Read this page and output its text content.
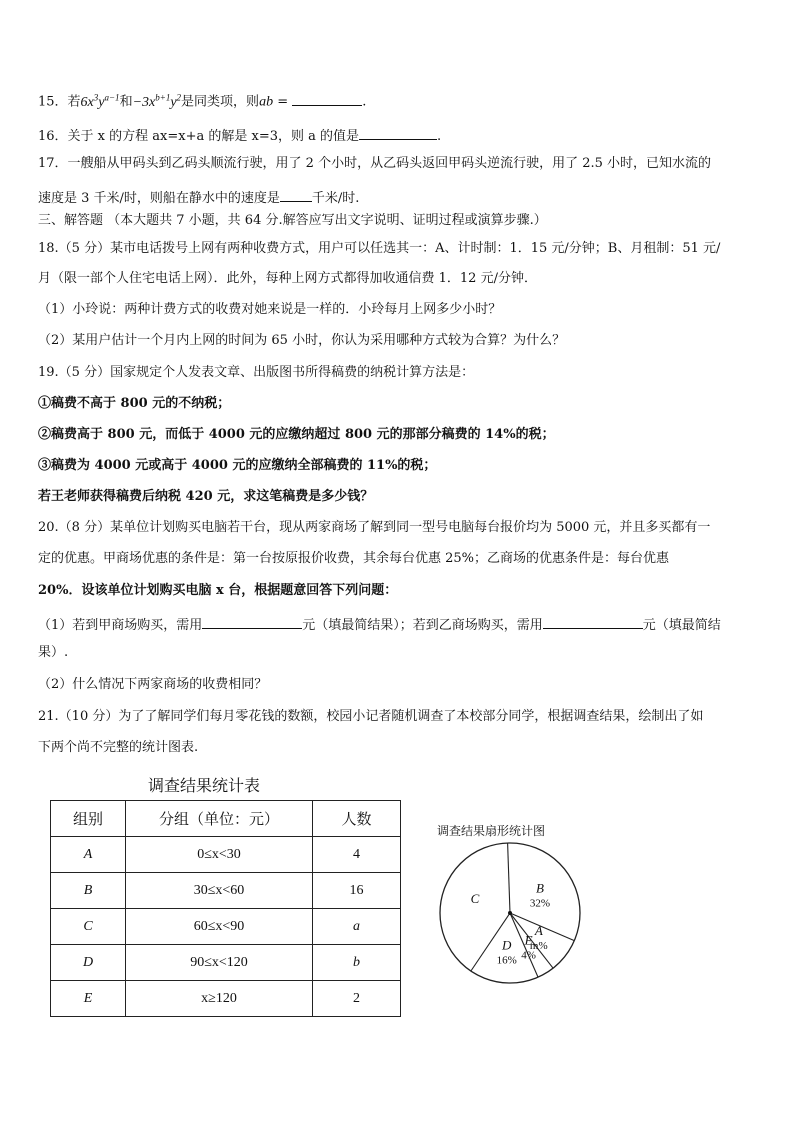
15．若$6x^3y^{a-1}$和$-3x^{b+1}y^2$是同类项，则ab =	.
16．关于 x 的方程 ax=x+a 的解是 x=3，则 a 的值是	.
17．一艘船从甲码头到乙码头顺流行驶，用了 2 个小时，从乙码头返回甲码头逆流行驶，用了 2.5 小时，已知水流的
速度是 3 千米/时，则船在静水中的速度是 千米/时.
三、解答题 （本大题共 7 小题，共 64 分.解答应写出文字说明、证明过程或演算步骤.）
18.（5 分）某市电话拨号上网有两种收费方式，用户可以任选其一：A、计时制：1．15 元/分钟；B、月租制：51 元/
月（限一部个人住宅电话上网）．此外，每种上网方式都得加收通信费 1．12 元/分钟．
（1）小玲说：两种计费方式的收费对她来说是一样的．小玲每月上网多少小时？
（2）某用户估计一个月内上网的时间为 65 小时，你认为采用哪种方式较为合算？为什么？
19.（5 分）国家规定个人发表文章、出版图书所得稿费的纳税计算方法是：
①稿费不高于 800 元的不纳税；
②稿费高于 800 元，而低于 4000 元的应缴纳超过 800 元的那部分稿费的 14%的税；
③稿费为 4000 元或高于 4000 元的应缴纳全部稿费的 11%的税；
若王老师获得稿费后纳税 420 元，求这笔稿费是多少钱？
20.（8 分）某单位计划购买电脑若干台，现从两家商场了解到同一型号电脑每台报价均为 5000 元，并且多买都有一
定的优惠。甲商场优惠的条件是：第一台按原报价收费，其余每台优惠 25%；乙商场的优惠条件是：每台优惠
20%．设该单位计划购买电脑 x 台，根据题意回答下列问题：
（1）若到甲商场购买，需用	元（填最简结果）；若到乙商场购买，需用	元（填最简结
果）.
（2）什么情况下两家商场的收费相同？
21.（10 分）为了了解同学们每月零花钱的数额，校园小记者随机调查了本校部分同学，根据调查结果，绘制出了如
下两个尚不完整的统计图表.
调查结果统计表
组别	分组（单位：元）	人数
A	0≤x<30	4
B	30≤x<60	16
C	60≤x<90	a
D	90≤x<120	b
E	x≥120	2
调查结果扇形统计图
B
32%
A
m%
E
4%
D
16%
C
